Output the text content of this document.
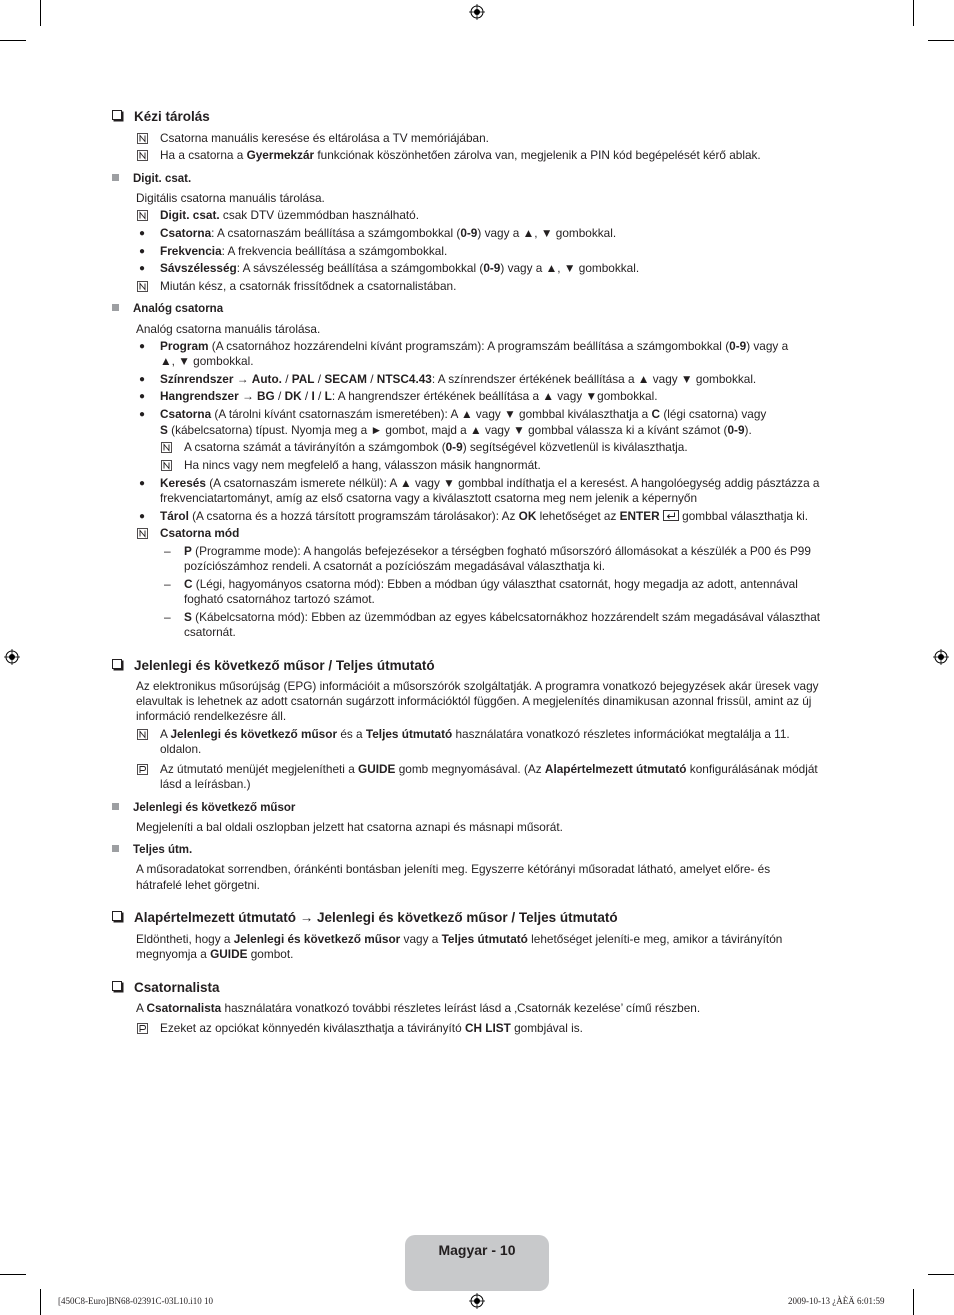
Kézi tárolás
Csatorna manuális keresése és eltárolása a TV memóriájában.
Ha a csatorna a Gyermekzár funkciónak köszönhetően zárolva van, megjelenik a PIN kód begépelését kérő ablak.
Digit. csat.
Digitális csatorna manuális tárolása.
Digit. csat. csak DTV üzemmódban használható.
● Csatorna: A csatornaszám beállítása a számgombokkal (0-9) vagy a ▲, ▼ gombokkal.
● Frekvencia: A frekvencia beállítása a számgombokkal.
● Sávszélesség: A sávszélesség beállítása a számgombokkal (0-9) vagy a ▲, ▼ gombokkal.
Miután kész, a csatornák frissítődnek a csatornalistában.
Analóg csatorna
Analóg csatorna manuális tárolása.
● Program (A csatornához hozzárendelni kívánt programszám): A programszám beállítása a számgombokkal (0-9) vagy a
▲, ▼ gombokkal.
● Színrendszer → Auto. / PAL / SECAM / NTSC4.43: A színrendszer értékének beállítása a ▲ vagy ▼ gombokkal.
● Hangrendszer → BG / DK / I / L: A hangrendszer értékének beállítása a ▲ vagy ▼gombokkal.
● Csatorna (A tárolni kívánt csatornaszám ismeretében): A ▲ vagy ▼ gombbal kiválaszthatja a C (légi csatorna) vagy
S (kábelcsatorna) típust. Nyomja meg a ► gombot, majd a ▲ vagy ▼ gombbal válassza ki a kívánt számot (0-9).
A csatorna számát a távirányítón a számgombok (0-9) segítségével közvetlenül is kiválaszthatja.
Ha nincs vagy nem megfelelő a hang, válasszon másik hangnormát.
● Keresés (A csatornaszám ismerete nélkül): A ▲ vagy ▼ gombbal indíthatja el a keresést. A hangolóegység addig pásztázza a
frekvenciatartományt, amíg az első csatorna vagy a kiválasztott csatorna meg nem jelenik a képernyőn
● Tárol (A csatorna és a hozzá társított programszám tárolásakor): Az OK lehetőséget az ENTER  gombbal választhatja ki.
Csatorna mód
– P (Programme mode): A hangolás befejezésekor a térségben fogható műsorszóró állomásokat a készülék a P00 és P99
pozíciószámhoz rendeli. A csatornát a pozíciószám megadásával választhatja ki.
– C (Légi, hagyományos csatorna mód): Ebben a módban úgy választhat csatornát, hogy megadja az adott, antennával
fogható csatornához tartozó számot.
– S (Kábelcsatorna mód): Ebben az üzemmódban az egyes kábelcsatornákhoz hozzárendelt szám megadásával választhat
csatornát.
Jelenlegi és következő műsor / Teljes útmutató
Az elektronikus műsorújság (EPG) információit a műsorszórók szolgáltatják. A programra vonatkozó bejegyzések akár üresek vagy
elavultak is lehetnek az adott csatornán sugárzott információktól függően. A megjelenítés dinamikusan azonnal frissül, amint az új
információ rendelkezésre áll.
A Jelenlegi és következő műsor és a Teljes útmutató használatára vonatkozó részletes információkat megtalálja a 11.
oldalon.
Az útmutató menüjét megjelenítheti a GUIDE gomb megnyomásával. (Az Alapértelmezett útmutató konfigurálásának módját
lásd a leírásban.)
Jelenlegi és következő műsor
Megjeleníti a bal oldali oszlopban jelzett hat csatorna aznapi és másnapi műsorát.
Teljes útm.
A műsoradatokat sorrendben, óránkénti bontásban jeleníti meg. Egyszerre kétórányi műsoradat látható, amelyet előre- és
hátrafelé lehet görgetni.
Alapértelmezett útmutató → Jelenlegi és következő műsor / Teljes útmutató
Eldöntheti, hogy a Jelenlegi és következő műsor vagy a Teljes útmutató lehetőséget jeleníti-e meg, amikor a távirányítón
megnyomja a GUIDE gombot.
Csatornalista
A Csatornalista használatára vonatkozó további részletes leírást lásd a ‚Csatornák kezelése’ című részben.
Ezeket az opciókat könnyedén kiválaszthatja a távirányító CH LIST gombjával is.
Magyar - 10
[450C8-Euro]BN68-02391C-03L10.i10 10	2009-10-13 ¿ÀÈÄ 6:01:59
